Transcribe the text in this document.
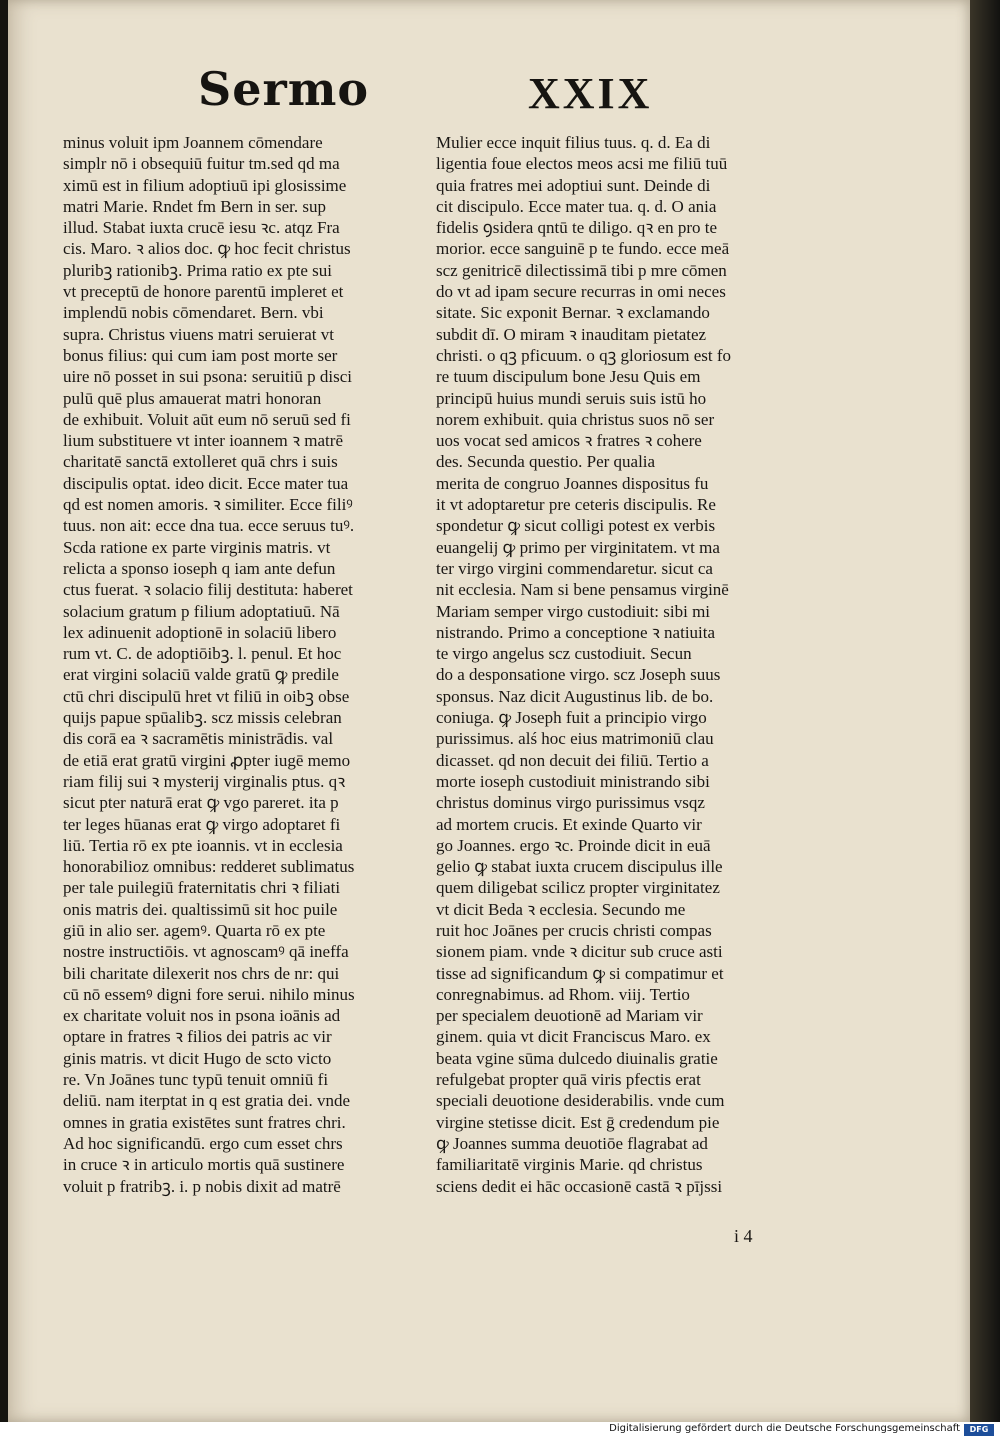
Sermo	XXIX
minus voluit ipm Joannem cōmendare
simplr nō i obsequiū fuitur tm.sed qd ma
ximū est in filium adoptiuū ipi glosissime
matri Marie. Rndet fm Bern in ser. sup
illud. Stabat iuxta crucē iesu ꝛc. atqz Fra
cis. Maro. ꝛ alios doc. ꝙ hoc fecit christus
pluribꝫ rationibꝫ. Prima ratio ex pte sui
vt preceptū de honore parentū impleret et
implendū nobis cōmendaret. Bern. vbi
supra. Christus viuens matri seruierat vt
bonus filius: qui cum iam post morte ser
uire nō posset in sui psona: seruitiū p disci
pulū quē plus amauerat matri honoran
de exhibuit. Voluit aūt eum nō seruū sed fi
lium substituere vt inter ioannem ꝛ matrē
charitatē sanctā extolleret quā chrs i suis
discipulis optat. ideo dicit. Ecce mater tua
qd est nomen amoris. ꝛ similiter. Ecce filiꝰ
tuus. non ait: ecce dna tua. ecce seruus tuꝰ.
Scda ratione ex parte virginis matris. vt
relicta a sponso ioseph q iam ante defun
ctus fuerat. ꝛ solacio filij destituta: haberet
solacium gratum p filium adoptatiuū. Nā
lex adinuenit adoptionē in solaciū libero
rum vt. C. de adoptiōibꝫ. l. penul. Et hoc
erat virgini solaciū valde gratū ꝙ predile
ctū chri discipulū hret vt filiū in oibꝫ obse
quijs papue spūalibꝫ. scz missis celebran
dis corā ea ꝛ sacramētis ministrādis. val
de etiā erat gratū virgini ꝓpter iugē memo
riam filij sui ꝛ mysterij virginalis ptus. qꝛ
sicut pter naturā erat ꝙ vgo pareret. ita p
ter leges hūanas erat ꝙ virgo adoptaret fi
liū. Tertia rō ex pte ioannis. vt in ecclesia
honorabilioz omnibus: redderet sublimatus
per tale puilegiū fraternitatis chri ꝛ filiati
onis matris dei. qualtissimū sit hoc puile
giū in alio ser. agemꝰ. Quarta rō ex pte
nostre instructiōis. vt agnoscamꝰ qā ineffa
bili charitate dilexerit nos chrs de nr: qui
cū nō essemꝰ digni fore serui. nihilo minus
ex charitate voluit nos in psona ioānis ad
optare in fratres ꝛ filios dei patris ac vir
ginis matris. vt dicit Hugo de scto victo
re. Vn Joānes tunc typū tenuit omniū fi
deliū. nam iterptat in q est gratia dei. vnde
omnes in gratia existētes sunt fratres chri.
Ad hoc significandū. ergo cum esset chrs
in cruce ꝛ in articulo mortis quā sustinere
voluit p fratribꝫ. i. p nobis dixit ad matrē
Mulier ecce inquit filius tuus. q. d. Ea di
ligentia foue electos meos acsi me filiū tuū
quia fratres mei adoptiui sunt. Deinde di
cit discipulo. Ecce mater tua. q. d. O ania
fidelis ꝯsidera qntū te diligo. qꝛ en pro te
morior. ecce sanguinē p te fundo. ecce meā
scz genitricē dilectissimā tibi p mre cōmen
do vt ad ipam secure recurras in omi neces
sitate. Sic exponit Bernar. ꝛ exclamando
subdit dī. O miram ꝛ inauditam pietatez
christi. o qꝫ pficuum. o qꝫ gloriosum est fo
re tuum discipulum bone Jesu Quis em
principū huius mundi seruis suis istū ho
norem exhibuit. quia christus suos nō ser
uos vocat sed amicos ꝛ fratres ꝛ cohere
des. Secunda questio. Per qualia
merita de congruo Joannes dispositus fu
it vt adoptaretur pre ceteris discipulis. Re
spondetur ꝙ sicut colligi potest ex verbis
euangelij ꝙ primo per virginitatem. vt ma
ter virgo virgini commendaretur. sicut ca
nit ecclesia. Nam si bene pensamus virginē
Mariam semper virgo custodiuit: sibi mi
nistrando. Primo a conceptione ꝛ natiuita
te virgo angelus scz custodiuit. Secun
do a desponsatione virgo. scz Joseph suus
sponsus. Naz dicit Augustinus lib. de bo.
coniuga. ꝙ Joseph fuit a principio virgo
purissimus. alś hoc eius matrimoniū clau
dicasset. qd non decuit dei filiū. Tertio a
morte ioseph custodiuit ministrando sibi
christus dominus virgo purissimus vsqz
ad mortem crucis. Et exinde Quarto vir
go Joannes. ergo ꝛc. Proinde dicit in euā
gelio ꝙ stabat iuxta crucem discipulus ille
quem diligebat scilicz propter virginitatez
vt dicit Beda ꝛ ecclesia. Secundo me
ruit hoc Joānes per crucis christi compas
sionem piam. vnde ꝛ dicitur sub cruce asti
tisse ad significandum ꝙ si compatimur et
conregnabimus. ad Rhom. viij. Tertio
per specialem deuotionē ad Mariam vir
ginem. quia vt dicit Franciscus Maro. ex
beata vgine sūma dulcedo diuinalis gratie
refulgebat propter quā viris pfectis erat
speciali deuotione desiderabilis. vnde cum
virgine stetisse dicit. Est ḡ credendum pie
ꝙ Joannes summa deuotiōe flagrabat ad
familiaritatē virginis Marie. qd christus
sciens dedit ei hāc occasionē castā ꝛ pījssi
i 4
Digitalisierung gefördert durch die Deutsche Forschungsgemeinschaft	DFG
